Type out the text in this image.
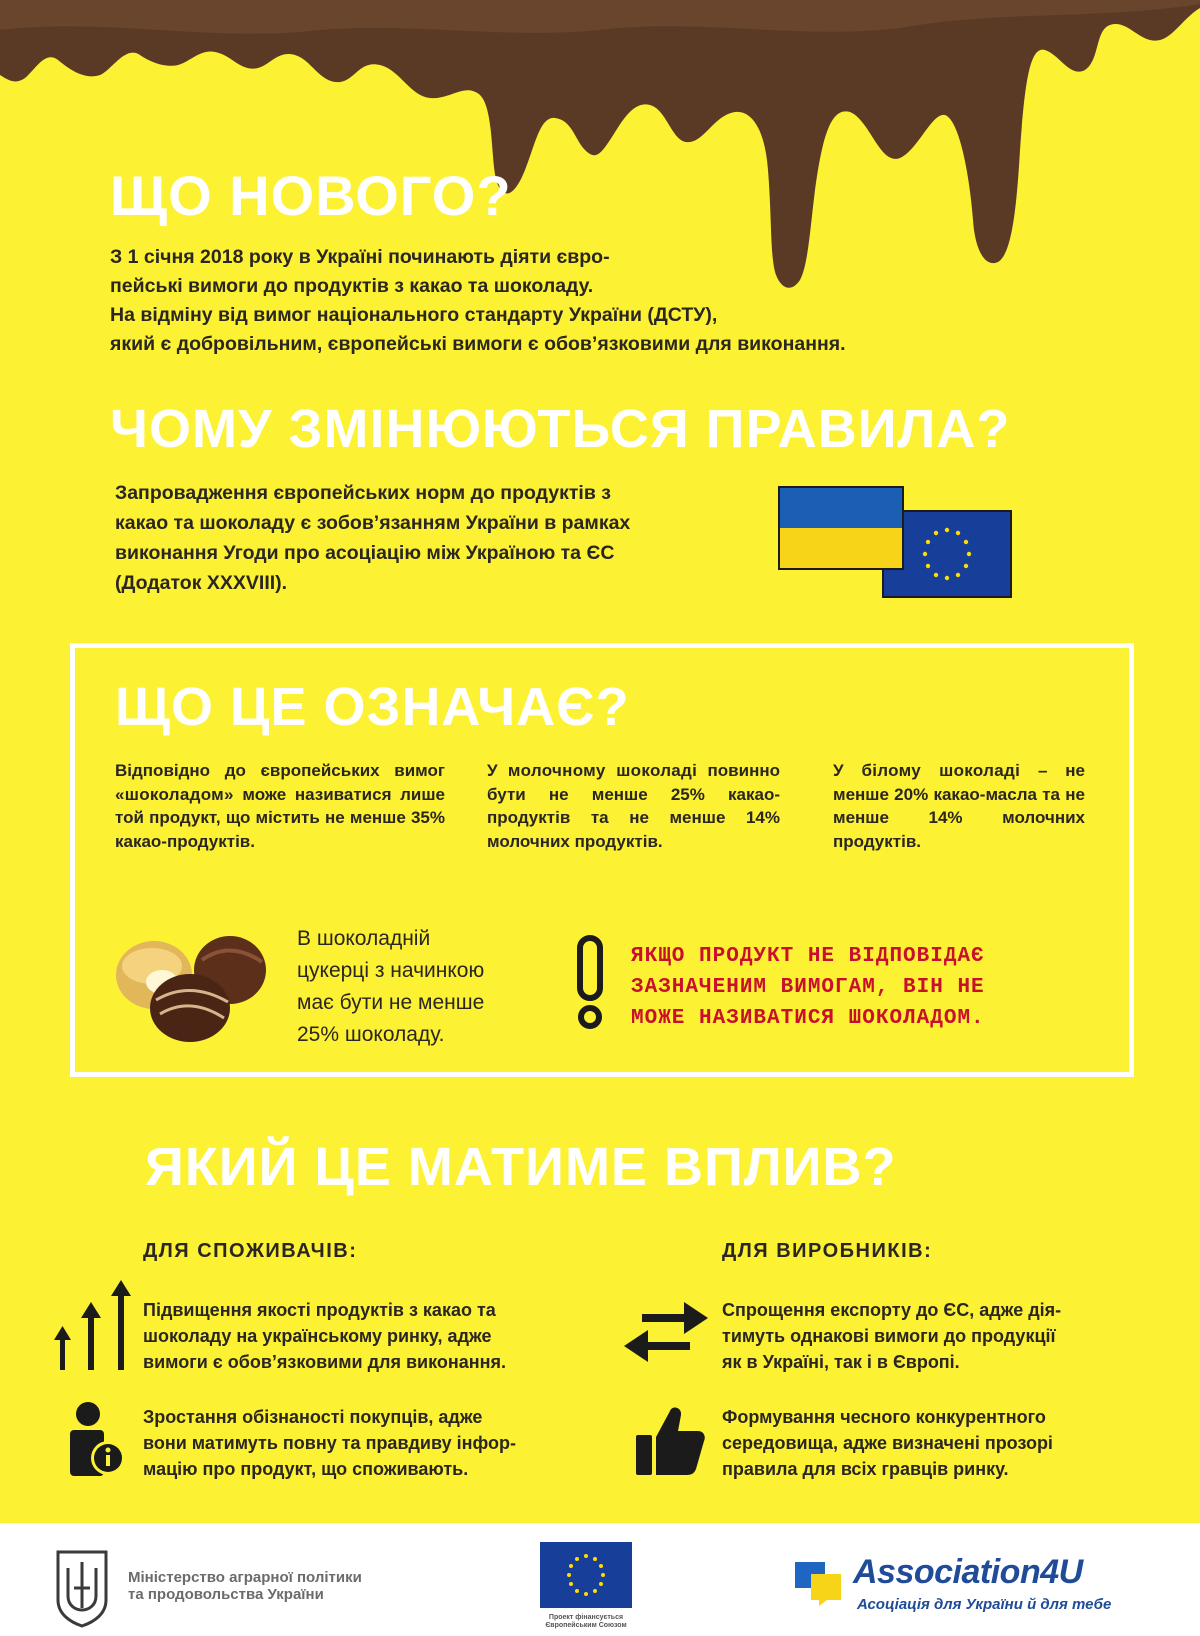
ЩО НОВОГО?
З 1 січня 2018 року в Україні починають діяти євро-
пейські вимоги до продуктів з какао та шоколаду.
На відміну від вимог національного стандарту України (ДСТУ),
який є добровільним, європейські вимоги є обов’язковими для виконання.
ЧОМУ ЗМІНЮЮТЬСЯ ПРАВИЛА?
Запровадження європейських норм до продуктів з
какао та шоколаду є зобов’язанням України в рамках
виконання Угоди про асоціацію між Україною та ЄС
(Додаток XXXVIII).
ЩО ЦЕ ОЗНАЧАЄ?
Відповідно до європейських вимог «шоколадом» може називатися лише той продукт, що містить не менше 35% какао-продуктів.
У молочному шоколаді повинно бути не менше 25% какао-продуктів та не менше 14% молочних продуктів.
У білому шоколаді – не менше 20% какао-масла та не менше 14% молочних продуктів.
В шоколадній
цукерці з начинкою
має бути не менше
25% шоколаду.
ЯКЩО ПРОДУКТ НЕ ВІДПОВІДАЄ
ЗАЗНАЧЕНИМ ВИМОГАМ, ВІН НЕ
МОЖЕ НАЗИВАТИСЯ ШОКОЛАДОМ.
ЯКИЙ ЦЕ МАТИМЕ ВПЛИВ?
ДЛЯ СПОЖИВАЧІВ:	ДЛЯ ВИРОБНИКІВ:
Підвищення якості продуктів з какао та
шоколаду на українському ринку, адже
вимоги є обов’язковими для виконання.
Спрощення експорту до ЄС, адже дія-
тимуть однакові вимоги до продукції
як в Україні, так і в Європі.
Зростання обізнаності покупців, адже
вони матимуть повну та правдиву інфор-
мацію про продукт, що споживають.
Формування чесного конкурентного
середовища, адже визначені прозорі
правила для всіх гравців ринку.
Міністерство аграрної політики
та продовольства України
Проект фінансується
Європейським Союзом
Association4U
Асоціація для України й для тебе
